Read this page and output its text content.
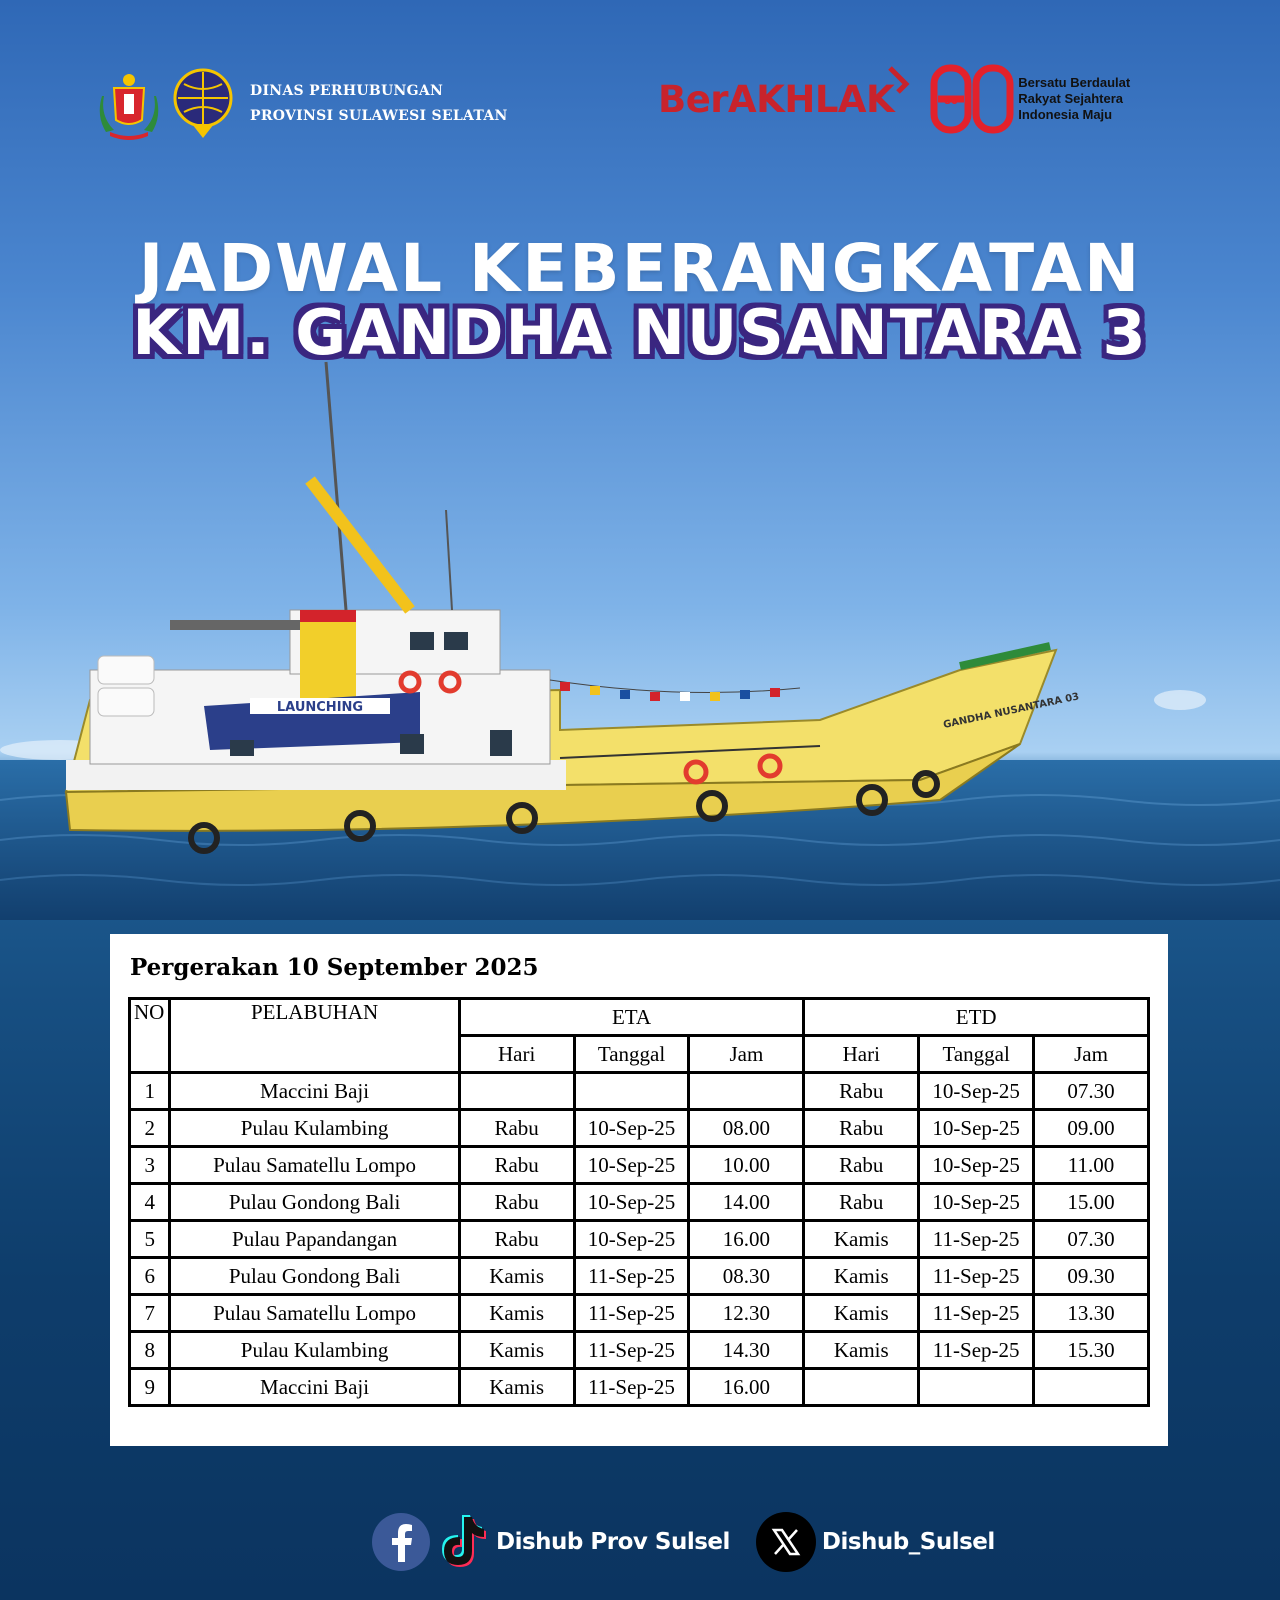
DINAS PERHUBUNGAN
PROVINSI SULAWESI SELATAN	BerAKHLAK	80
Bersatu Berdaulat
Rakyat Sejahtera
Indonesia Maju
JADWAL KEBERANGKATAN
KM. GANDHA NUSANTARA 3
LAUNCHING	GANDHA NUSANTARA 03
Pergerakan 10 September 2025
NO	PELABUHAN	ETA			ETD		
		Hari	Tanggal	Jam	Hari	Tanggal	Jam
1	Maccini Baji				Rabu	10-Sep-25	07.30
2	Pulau Kulambing	Rabu	10-Sep-25	08.00	Rabu	10-Sep-25	09.00
3	Pulau Samatellu Lompo	Rabu	10-Sep-25	10.00	Rabu	10-Sep-25	11.00
4	Pulau Gondong Bali	Rabu	10-Sep-25	14.00	Rabu	10-Sep-25	15.00
5	Pulau Papandangan	Rabu	10-Sep-25	16.00	Kamis	11-Sep-25	07.30
6	Pulau Gondong Bali	Kamis	11-Sep-25	08.30	Kamis	11-Sep-25	09.30
7	Pulau Samatellu Lompo	Kamis	11-Sep-25	12.30	Kamis	11-Sep-25	13.30
8	Pulau Kulambing	Kamis	11-Sep-25	14.30	Kamis	11-Sep-25	15.30
9	Maccini Baji	Kamis	11-Sep-25	16.00			
Dishub Prov Sulsel	Dishub_Sulsel
